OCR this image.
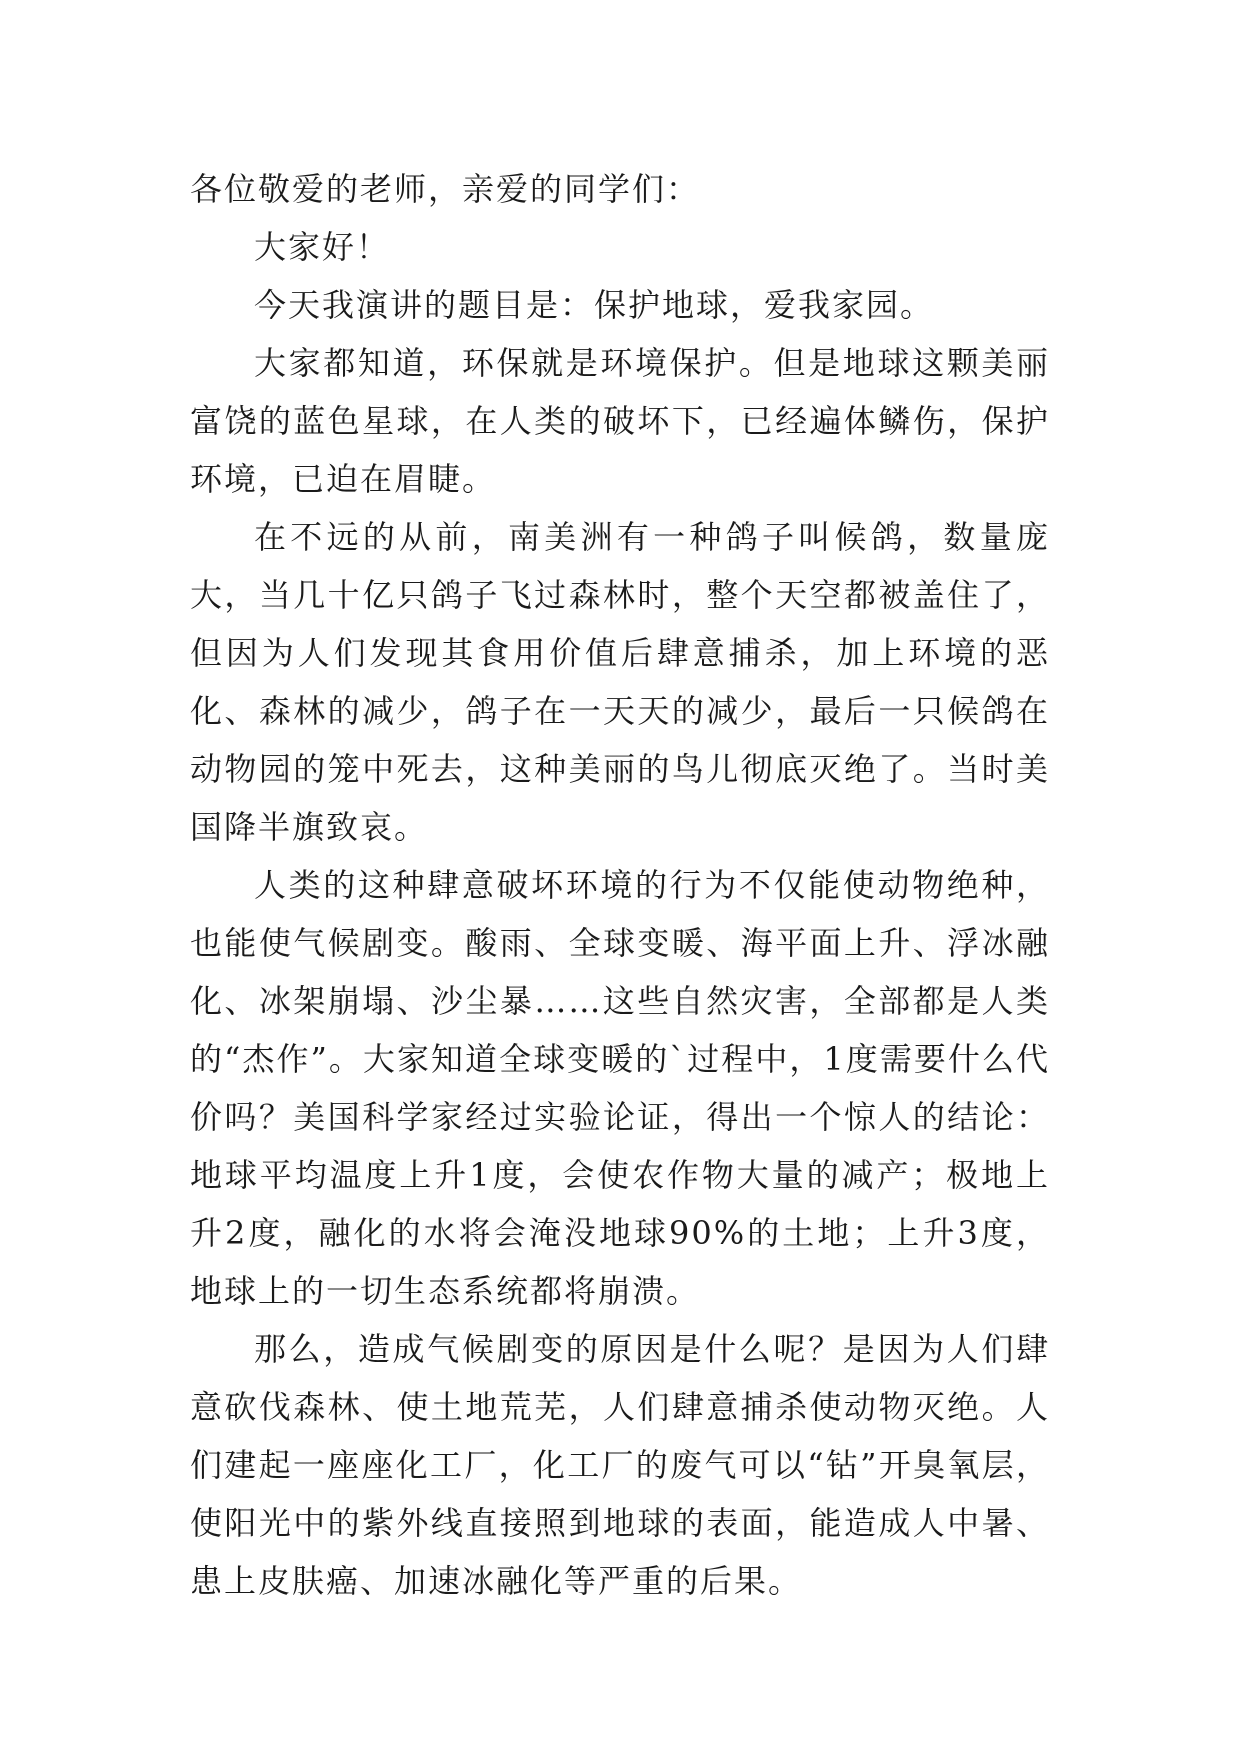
各位敬爱的老师，亲爱的同学们：

大家好！

今天我演讲的题目是：保护地球，爱我家园。

大家都知道，环保就是环境保护。但是地球这颗美丽富饶的蓝色星球，在人类的破坏下，已经遍体鳞伤，保护环境，已迫在眉睫。

在不远的从前，南美洲有一种鸽子叫候鸽，数量庞大，当几十亿只鸽子飞过森林时，整个天空都被盖住了，但因为人们发现其食用价值后肆意捕杀，加上环境的恶化、森林的减少，鸽子在一天天的减少，最后一只候鸽在动物园的笼中死去，这种美丽的鸟儿彻底灭绝了。当时美国降半旗致哀。

人类的这种肆意破坏环境的行为不仅能使动物绝种，也能使气候剧变。酸雨、全球变暖、海平面上升、浮冰融化、冰架崩塌、沙尘暴……这些自然灾害，全部都是人类的“杰作”。大家知道全球变暖的`过程中，1度需要什么代价吗？美国科学家经过实验论证，得出一个惊人的结论：地球平均温度上升1度，会使农作物大量的减产；极地上升2度，融化的水将会淹没地球90%的土地；上升3度，地球上的一切生态系统都将崩溃。

那么，造成气候剧变的原因是什么呢？是因为人们肆意砍伐森林、使土地荒芜，人们肆意捕杀使动物灭绝。人们建起一座座化工厂，化工厂的废气可以“钻”开臭氧层，使阳光中的紫外线直接照到地球的表面，能造成人中暑、患上皮肤癌、加速冰融化等严重的后果。
